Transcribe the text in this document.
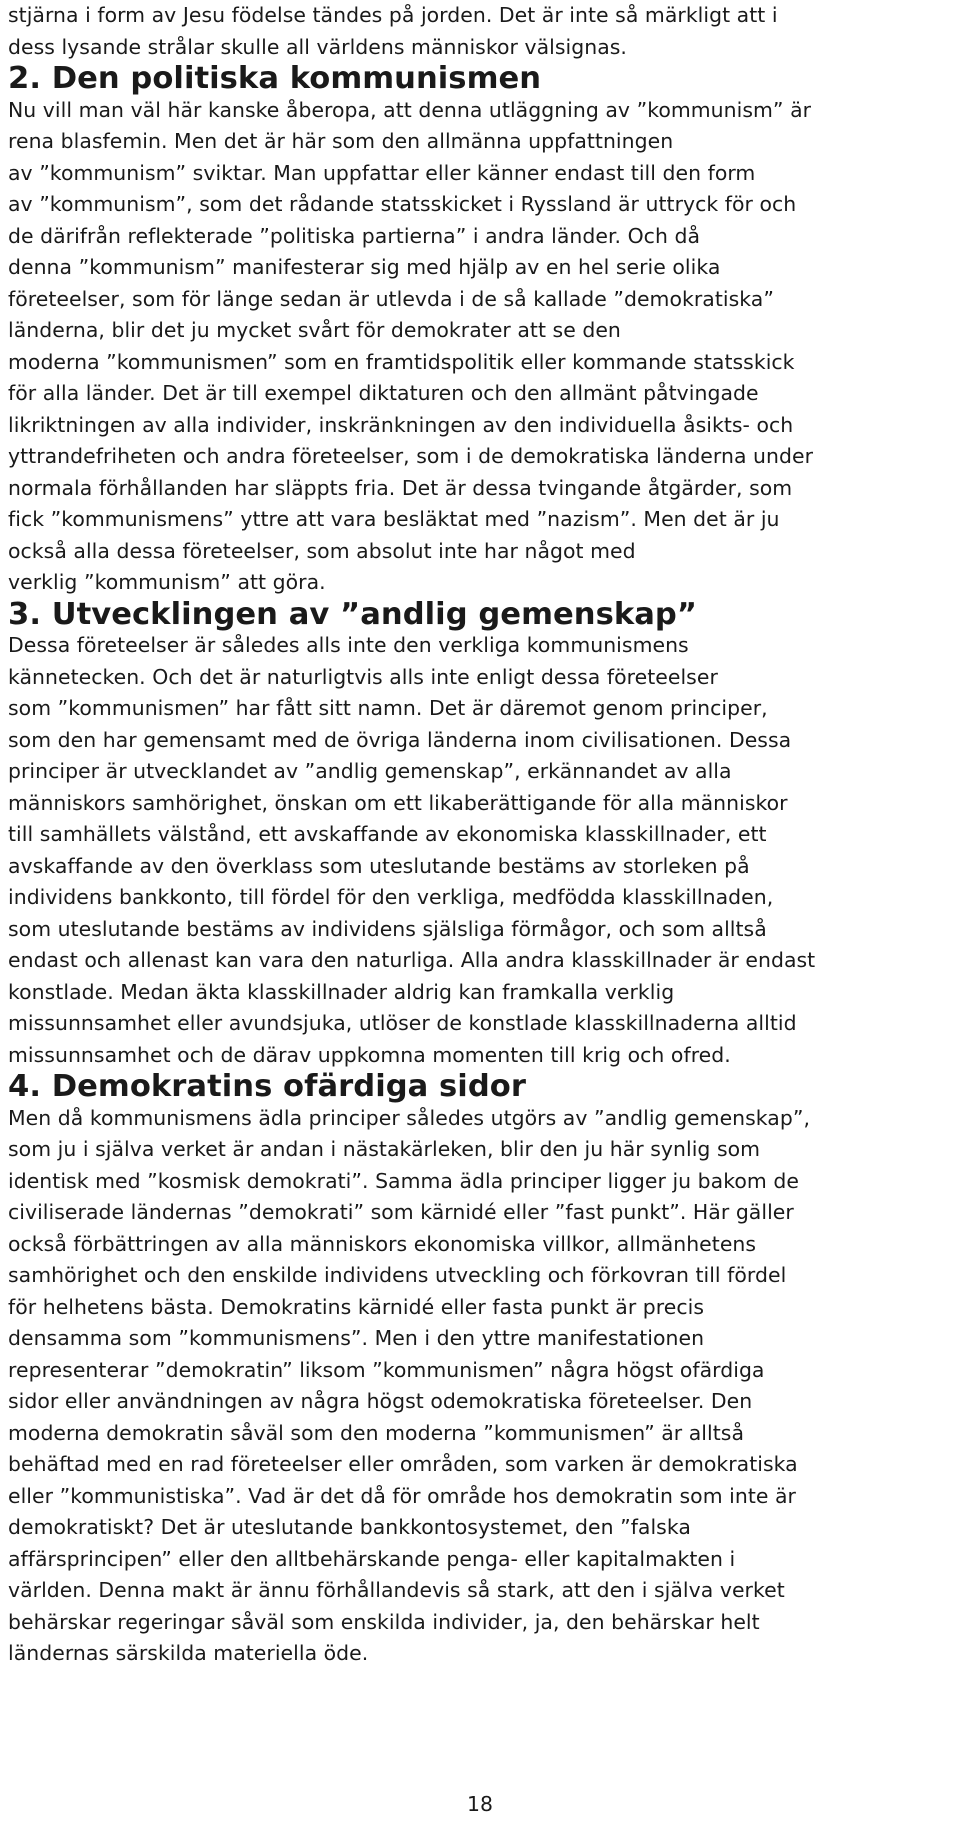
stjärna i form av Jesu födelse tändes på jorden. Det är inte så märkligt att i
dess lysande strålar skulle all världens människor välsignas.

2. Den politiska kommunismen

Nu vill man väl här kanske åberopa, att denna utläggning av ”kommunism” är
rena blasfemin. Men det är här som den allmänna uppfattningen
av ”kommunism” sviktar. Man uppfattar eller känner endast till den form
av ”kommunism”, som det rådande statsskicket i Ryssland är uttryck för och
de därifrån reflekterade ”politiska partierna” i andra länder. Och då
denna ”kommunism” manifesterar sig med hjälp av en hel serie olika
företeelser, som för länge sedan är utlevda i de så kallade ”demokratiska”
länderna, blir det ju mycket svårt för demokrater att se den
moderna ”kommunismen” som en framtidspolitik eller kommande statsskick
för alla länder. Det är till exempel diktaturen och den allmänt påtvingade
likriktningen av alla individer, inskränkningen av den individuella åsikts- och
yttrandefriheten och andra företeelser, som i de demokratiska länderna under
normala förhållanden har släppts fria. Det är dessa tvingande åtgärder, som
fick ”kommunismens” yttre att vara besläktat med ”nazism”. Men det är ju
också alla dessa företeelser, som absolut inte har något med
verklig ”kommunism” att göra.

3. Utvecklingen av ”andlig gemenskap”

Dessa företeelser är således alls inte den verkliga kommunismens
kännetecken. Och det är naturligtvis alls inte enligt dessa företeelser
som ”kommunismen” har fått sitt namn. Det är däremot genom principer,
som den har gemensamt med de övriga länderna inom civilisationen. Dessa
principer är utvecklandet av ”andlig gemenskap”, erkännandet av alla
människors samhörighet, önskan om ett likaberättigande för alla människor
till samhällets välstånd, ett avskaffande av ekonomiska klasskillnader, ett
avskaffande av den överklass som uteslutande bestäms av storleken på
individens bankkonto, till fördel för den verkliga, medfödda klasskillnaden,
som uteslutande bestäms av individens själsliga förmågor, och som alltså
endast och allenast kan vara den naturliga. Alla andra klasskillnader är endast
konstlade. Medan äkta klasskillnader aldrig kan framkalla verklig
missunnsamhet eller avundsjuka, utlöser de konstlade klasskillnaderna alltid
missunnsamhet och de därav uppkomna momenten till krig och ofred.

4. Demokratins ofärdiga sidor

Men då kommunismens ädla principer således utgörs av ”andlig gemenskap”,
som ju i själva verket är andan i nästakärleken, blir den ju här synlig som
identisk med ”kosmisk demokrati”. Samma ädla principer ligger ju bakom de
civiliserade ländernas ”demokrati” som kärnidé eller ”fast punkt”. Här gäller
också förbättringen av alla människors ekonomiska villkor, allmänhetens
samhörighet och den enskilde individens utveckling och förkovran till fördel
för helhetens bästa. Demokratins kärnidé eller fasta punkt är precis
densamma som ”kommunismens”. Men i den yttre manifestationen
representerar ”demokratin” liksom ”kommunismen” några högst ofärdiga
sidor eller användningen av några högst odemokratiska företeelser. Den
moderna demokratin såväl som den moderna ”kommunismen” är alltså
behäftad med en rad företeelser eller områden, som varken är demokratiska
eller ”kommunistiska”. Vad är det då för område hos demokratin som inte är
demokratiskt? Det är uteslutande bankkontosystemet, den ”falska
affärsprincipen” eller den alltbehärskande penga- eller kapitalmakten i
världen. Denna makt är ännu förhållandevis så stark, att den i själva verket
behärskar regeringar såväl som enskilda individer, ja, den behärskar helt
ländernas särskilda materiella öde.

18
